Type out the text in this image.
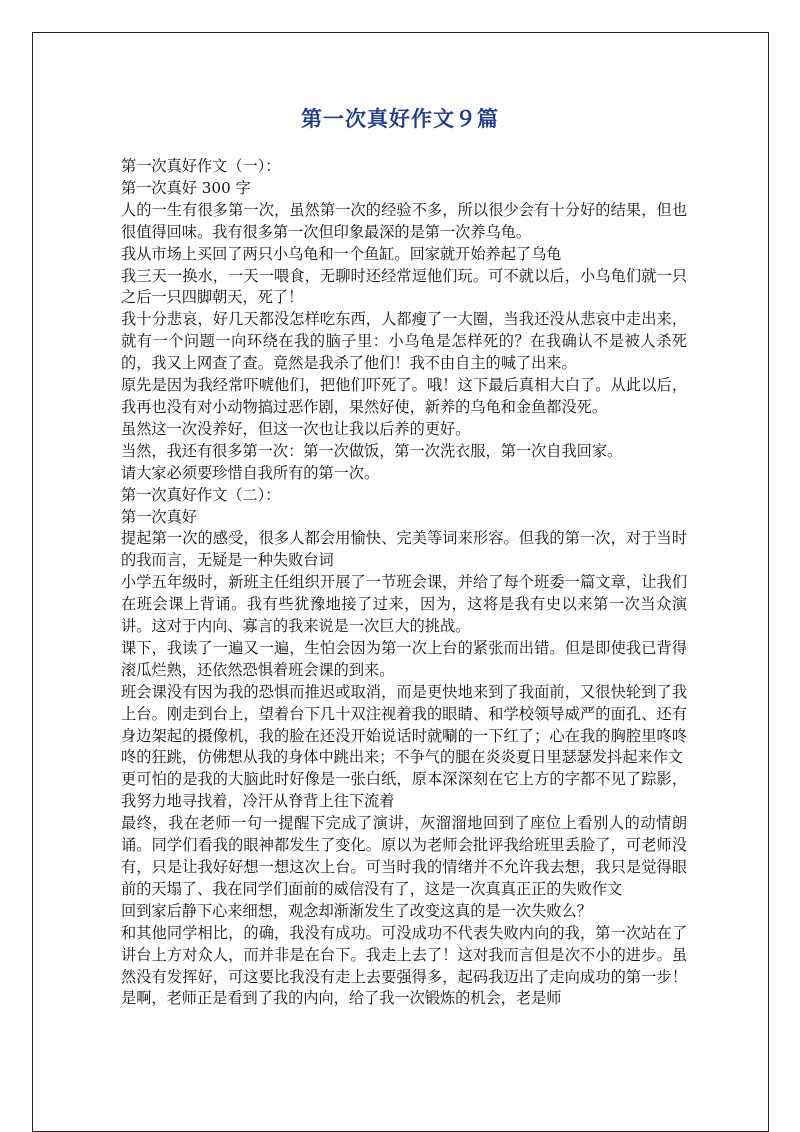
第一次真好作文９篇

第一次真好作文（一）：

第一次真好 300 字

人的一生有很多第一次，虽然第一次的经验不多，所以很少会有十分好的结果，但也很值得回味。我有很多第一次但印象最深的是第一次养乌龟。

我从市场上买回了两只小乌龟和一个鱼缸。回家就开始养起了乌龟

我三天一换水，一天一喂食，无聊时还经常逗他们玩。可不就以后，小乌龟们就一只之后一只四脚朝天，死了！

我十分悲哀，好几天都没怎样吃东西，人都瘦了一大圈，当我还没从悲哀中走出来，就有一个问题一向环绕在我的脑子里：小乌龟是怎样死的？在我确认不是被人杀死的，我又上网查了查。竟然是我杀了他们！我不由自主的喊了出来。

原先是因为我经常吓唬他们，把他们吓死了。哦！这下最后真相大白了。从此以后，我再也没有对小动物搞过恶作剧，果然好使，新养的乌龟和金鱼都没死。

虽然这一次没养好，但这一次也让我以后养的更好。

当然，我还有很多第一次：第一次做饭，第一次洗衣服，第一次自我回家。

请大家必须要珍惜自我所有的第一次。

第一次真好作文（二）：

第一次真好

提起第一次的感受，很多人都会用愉快、完美等词来形容。但我的第一次，对于当时的我而言，无疑是一种失败台词

小学五年级时，新班主任组织开展了一节班会课，并给了每个班委一篇文章，让我们在班会课上背诵。我有些犹豫地接了过来，因为，这将是我有史以来第一次当众演讲。这对于内向、寡言的我来说是一次巨大的挑战。

课下，我读了一遍又一遍，生怕会因为第一次上台的紧张而出错。但是即使我已背得滚瓜烂熟，还依然恐惧着班会课的到来。

班会课没有因为我的恐惧而推迟或取消，而是更快地来到了我面前，又很快轮到了我上台。刚走到台上，望着台下几十双注视着我的眼睛、和学校领导威严的面孔、还有身边架起的摄像机，我的脸在还没开始说话时就唰的一下红了；心在我的胸腔里咚咚咚的狂跳，仿佛想从我的身体中跳出来；不争气的腿在炎炎夏日里瑟瑟发抖起来作文

更可怕的是我的大脑此时好像是一张白纸，原本深深刻在它上方的字都不见了踪影，我努力地寻找着，冷汗从脊背上往下流着

最终，我在老师一句一提醒下完成了演讲，灰溜溜地回到了座位上看别人的动情朗诵。同学们看我的眼神都发生了变化。原以为老师会批评我给班里丢脸了，可老师没有，只是让我好好想一想这次上台。可当时我的情绪并不允许我去想，我只是觉得眼前的天塌了、我在同学们面前的威信没有了，这是一次真真正正的失败作文

回到家后静下心来细想，观念却渐渐发生了改变这真的是一次失败么？

和其他同学相比，的确，我没有成功。可没成功不代表失败内向的我，第一次站在了讲台上方对众人，而并非是在台下。我走上去了！这对我而言但是次不小的进步。虽然没有发挥好，可这要比我没有走上去要强得多，起码我迈出了走向成功的第一步！是啊，老师正是看到了我的内向，给了我一次锻炼的机会，老是师
